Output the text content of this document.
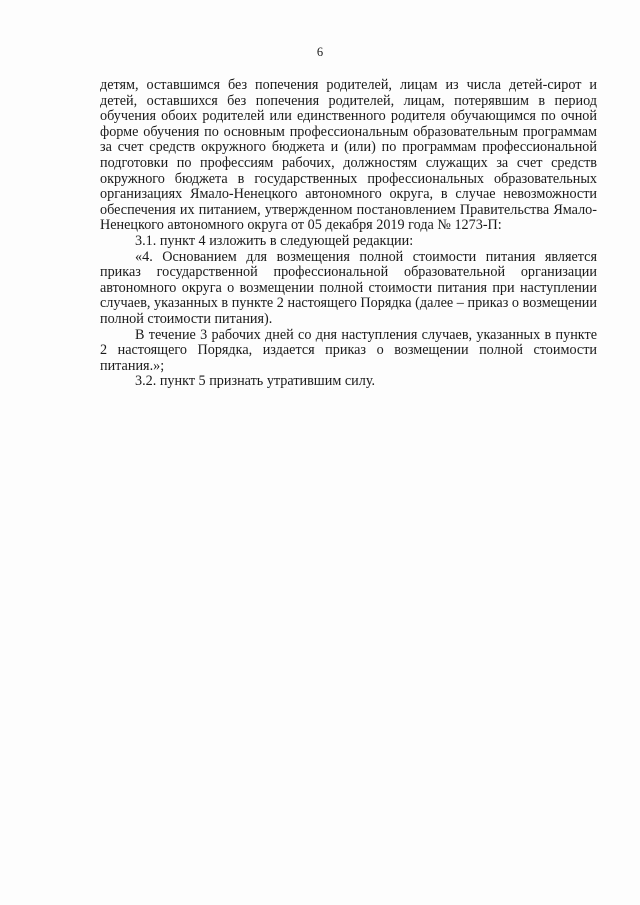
6

детям, оставшимся без попечения родителей, лицам из числа детей-сирот и детей, оставшихся без попечения родителей, лицам, потерявшим в период обучения обоих родителей или единственного родителя обучающимся по очной форме обучения по основным профессиональным образовательным программам за счет средств окружного бюджета и (или) по программам профессиональной подготовки по профессиям рабочих, должностям служащих за счет средств окружного бюджета в государственных профессиональных образовательных организациях Ямало-Ненецкого автономного округа, в случае невозможности обеспечения их питанием, утвержденном постановлением Правительства Ямало-Ненецкого автономного округа от 05 декабря 2019 года № 1273-П:

3.1. пункт 4 изложить в следующей редакции:

«4. Основанием для возмещения полной стоимости питания является приказ государственной профессиональной образовательной организации автономного округа о возмещении полной стоимости питания при наступлении случаев, указанных в пункте 2 настоящего Порядка (далее – приказ о возмещении полной стоимости питания).

В течение 3 рабочих дней со дня наступления случаев, указанных в пункте 2 настоящего Порядка, издается приказ о возмещении полной стоимости питания.»;

3.2. пункт 5 признать утратившим силу.
